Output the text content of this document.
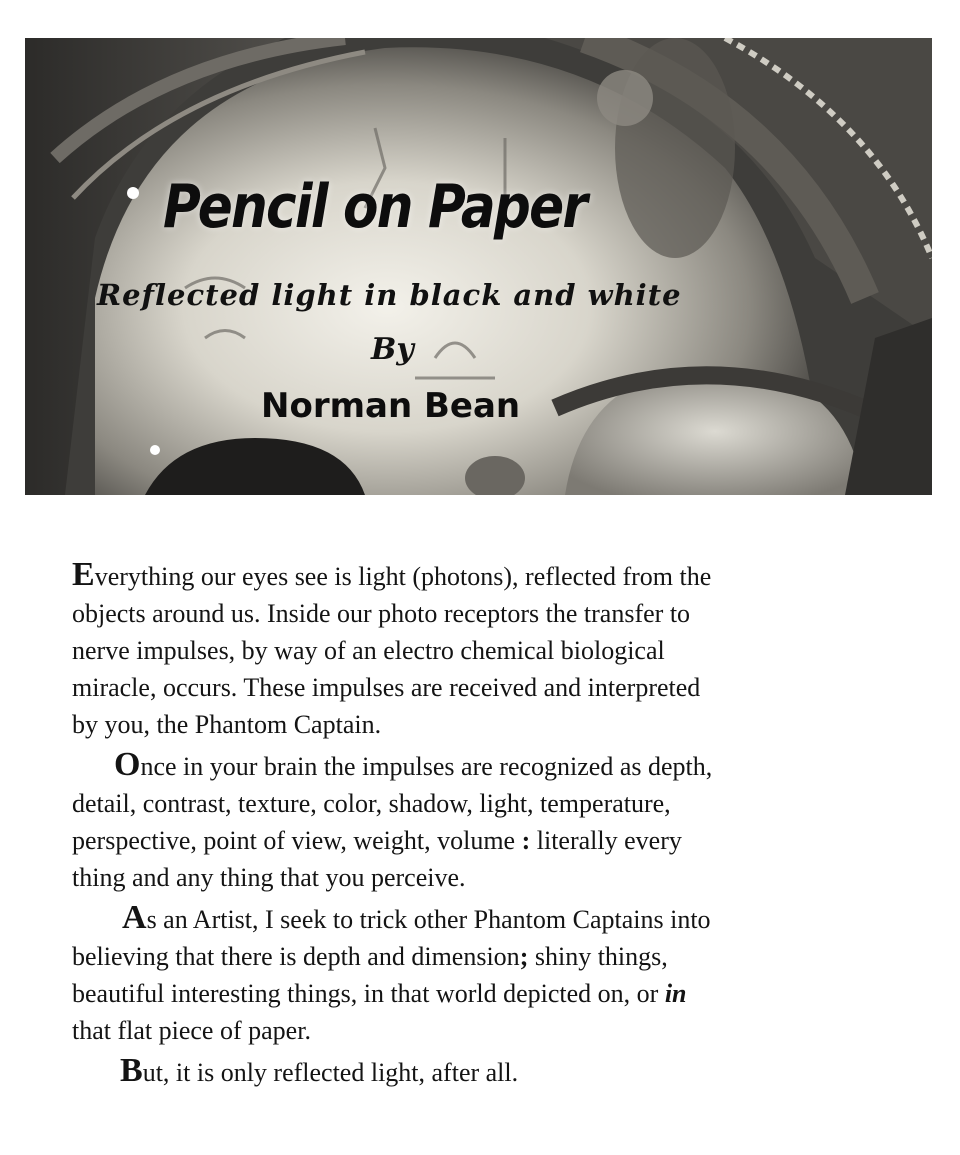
Pencil on Paper
Reflected light in black and white
By
Norman Bean

Everything our eyes see is light (photons), reflected from the
objects around us. Inside our photo receptors the transfer to
nerve impulses, by way of an electro chemical biological
miracle, occurs. These impulses are received and interpreted
by you, the Phantom Captain.

Once in your brain the impulses are recognized as depth,
detail, contrast, texture, color, shadow, light, temperature,
perspective, point of view, weight, volume : literally every
thing and any thing that you perceive.

As an Artist, I seek to trick other Phantom Captains into
believing that there is depth and dimension; shiny things,
beautiful interesting things, in that world depicted on, or in
that flat piece of paper.

But, it is only reflected light, after all.
